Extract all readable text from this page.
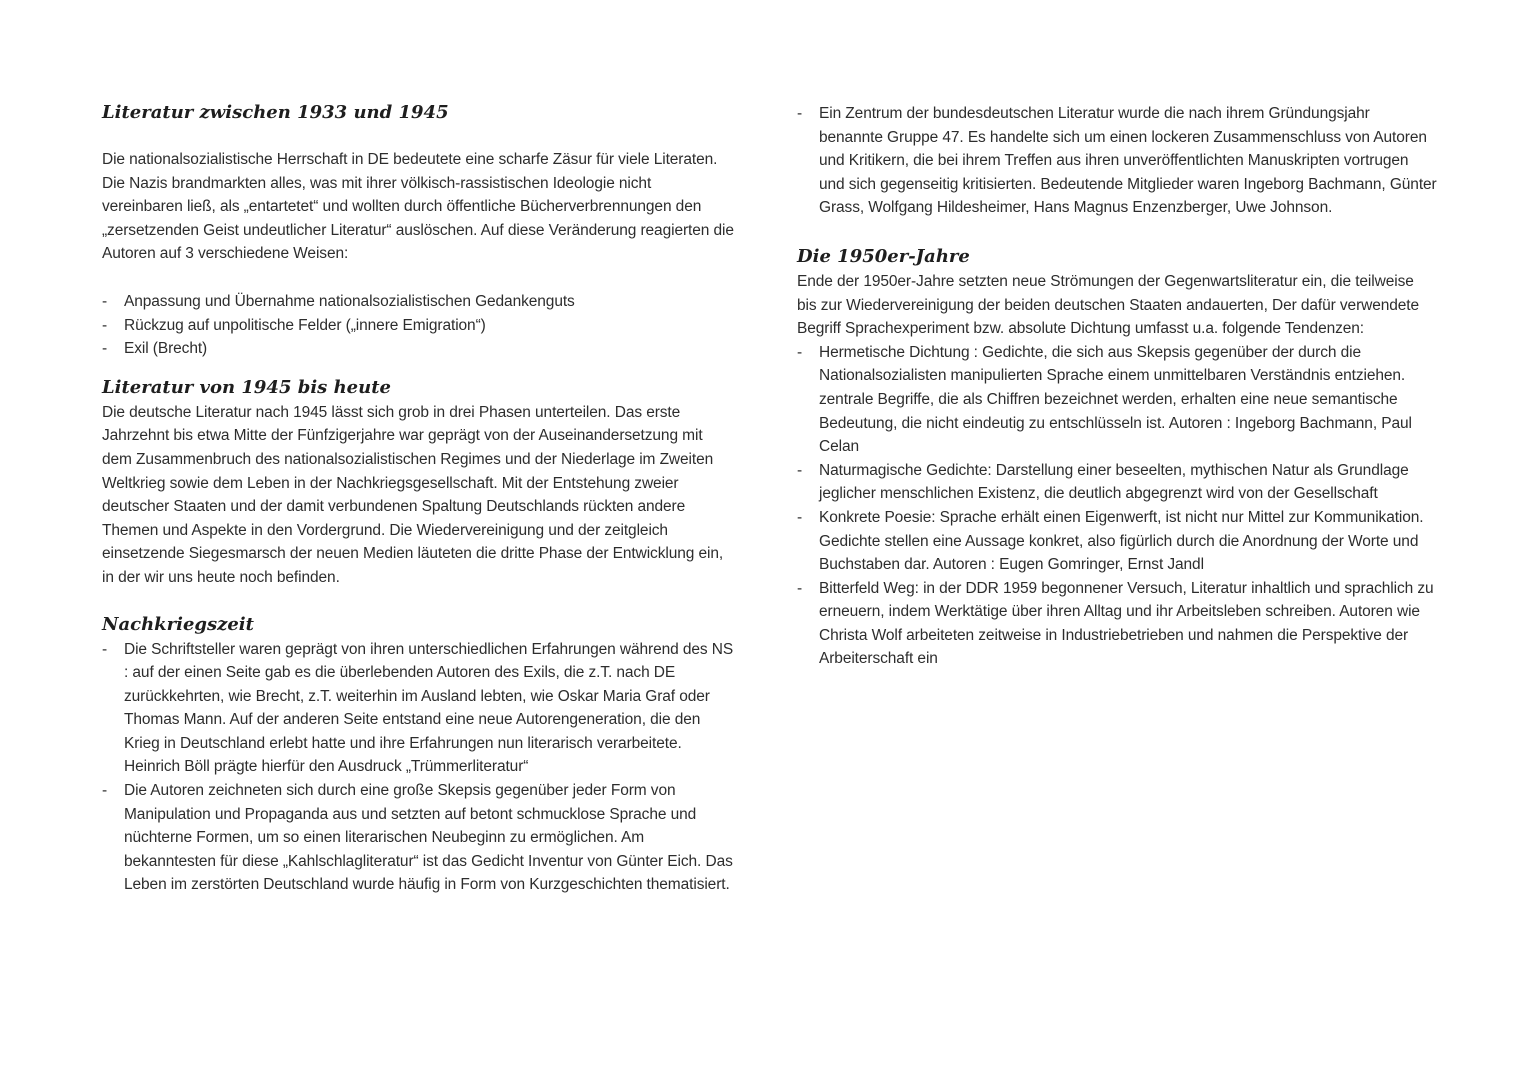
Literatur zwischen 1933 und 1945

Die nationalsozialistische Herrschaft in DE bedeutete eine scharfe Zäsur für viele Literaten. Die Nazis brandmarkten alles, was mit ihrer völkisch-rassistischen Ideologie nicht vereinbaren ließ, als „entartetet“ und wollten durch öffentliche Bücherverbrennungen den „zersetzenden Geist undeutlicher Literatur“ auslöschen. Auf diese Veränderung reagierten die Autoren auf 3 verschiedene Weisen:

- Anpassung und Übernahme nationalsozialistischen Gedankenguts
- Rückzug auf unpolitische Felder („innere Emigration“)
- Exil (Brecht)
Literatur von 1945 bis heute

Die deutsche Literatur nach 1945 lässt sich grob in drei Phasen unterteilen. Das erste Jahrzehnt bis etwa Mitte der Fünfzigerjahre war geprägt von der Auseinandersetzung mit dem Zusammenbruch des nationalsozialistischen Regimes und der Niederlage im Zweiten Weltkrieg sowie dem Leben in der Nachkriegsgesellschaft. Mit der Entstehung zweier deutscher Staaten und der damit verbundenen Spaltung Deutschlands rückten andere Themen und Aspekte in den Vordergrund. Die Wiedervereinigung und der zeitgleich einsetzende Siegesmarsch der neuen Medien läuteten die dritte Phase der Entwicklung ein, in der wir uns heute noch befinden.

Nachkriegszeit
- Die Schriftsteller waren geprägt von ihren unterschiedlichen Erfahrungen während des NS : auf der einen Seite gab es die überlebenden Autoren des Exils, die z.T. nach DE zurückkehrten, wie Brecht, z.T. weiterhin im Ausland lebten, wie Oskar Maria Graf oder Thomas Mann. Auf der anderen Seite entstand eine neue Autorengeneration, die den Krieg in Deutschland erlebt hatte und ihre Erfahrungen nun literarisch verarbeitete. Heinrich Böll prägte hierfür den Ausdruck „Trümmerliteratur“
- Die Autoren zeichneten sich durch eine große Skepsis gegenüber jeder Form von Manipulation und Propaganda aus und setzten auf betont schmucklose Sprache und nüchterne Formen, um so einen literarischen Neubeginn zu ermöglichen. Am bekanntesten für diese „Kahlschlagliteratur“ ist das Gedicht Inventur von Günter Eich. Das Leben im zerstörten Deutschland wurde häufig in Form von Kurzgeschichten thematisiert.
- Ein Zentrum der bundesdeutschen Literatur wurde die nach ihrem Gründungsjahr benannte Gruppe 47. Es handelte sich um einen lockeren Zusammenschluss von Autoren und Kritikern, die bei ihrem Treffen aus ihren unveröffentlichten Manuskripten vortrugen und sich gegenseitig kritisierten. Bedeutende Mitglieder waren Ingeborg Bachmann, Günter Grass, Wolfgang Hildesheimer, Hans Magnus Enzenzberger, Uwe Johnson.
Die 1950er-Jahre

Ende der 1950er-Jahre setzten neue Strömungen der Gegenwartsliteratur ein, die teilweise bis zur Wiedervereinigung der beiden deutschen Staaten andauerten, Der dafür verwendete Begriff Sprachexperiment bzw. absolute Dichtung umfasst u.a. folgende Tendenzen:

- Hermetische Dichtung : Gedichte, die sich aus Skepsis gegenüber der durch die Nationalsozialisten manipulierten Sprache einem unmittelbaren Verständnis entziehen. zentrale Begriffe, die als Chiffren bezeichnet werden, erhalten eine neue semantische Bedeutung, die nicht eindeutig zu entschlüsseln ist. Autoren : Ingeborg Bachmann, Paul Celan
- Naturmagische Gedichte: Darstellung einer beseelten, mythischen Natur als Grundlage jeglicher menschlichen Existenz, die deutlich abgegrenzt wird von der Gesellschaft
- Konkrete Poesie: Sprache erhält einen Eigenwerft, ist nicht nur Mittel zur Kommunikation. Gedichte stellen eine Aussage konkret, also figürlich durch die Anordnung der Worte und Buchstaben dar. Autoren : Eugen Gomringer, Ernst Jandl
- Bitterfeld Weg: in der DDR 1959 begonnener Versuch, Literatur inhaltlich und sprachlich zu erneuern, indem Werktätige über ihren Alltag und ihr Arbeitsleben schreiben. Autoren wie Christa Wolf arbeiteten zeitweise in Industriebetrieben und nahmen die Perspektive der Arbeiterschaft ein
